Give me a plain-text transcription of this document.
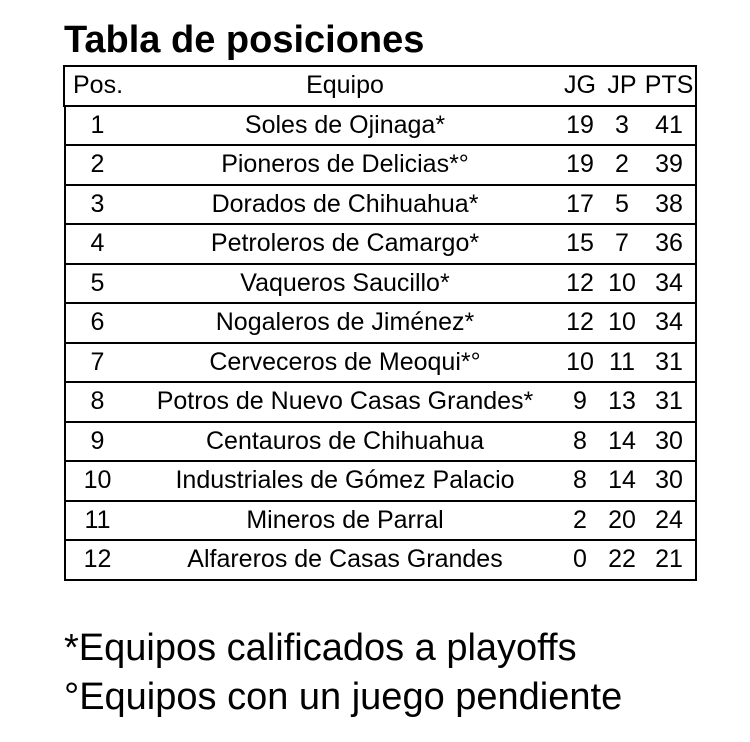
Tabla de posiciones
Pos.	Equipo	JG	JP	PTS
1	Soles de Ojinaga*	19	3	41
2	Pioneros de Delicias*°	19	2	39
3	Dorados de Chihuahua*	17	5	38
4	Petroleros de Camargo*	15	7	36
5	Vaqueros Saucillo*	12	10	34
6	Nogaleros de Jiménez*	12	10	34
7	Cerveceros de Meoqui*°	10	11	31
8	Potros de Nuevo Casas Grandes*	9	13	31
9	Centauros de Chihuahua	8	14	30
10	Industriales de Gómez Palacio	8	14	30
11	Mineros de Parral	2	20	24
12	Alfareros de Casas Grandes	0	22	21

*Equipos calificados a playoffs

°Equipos con un juego pendiente
